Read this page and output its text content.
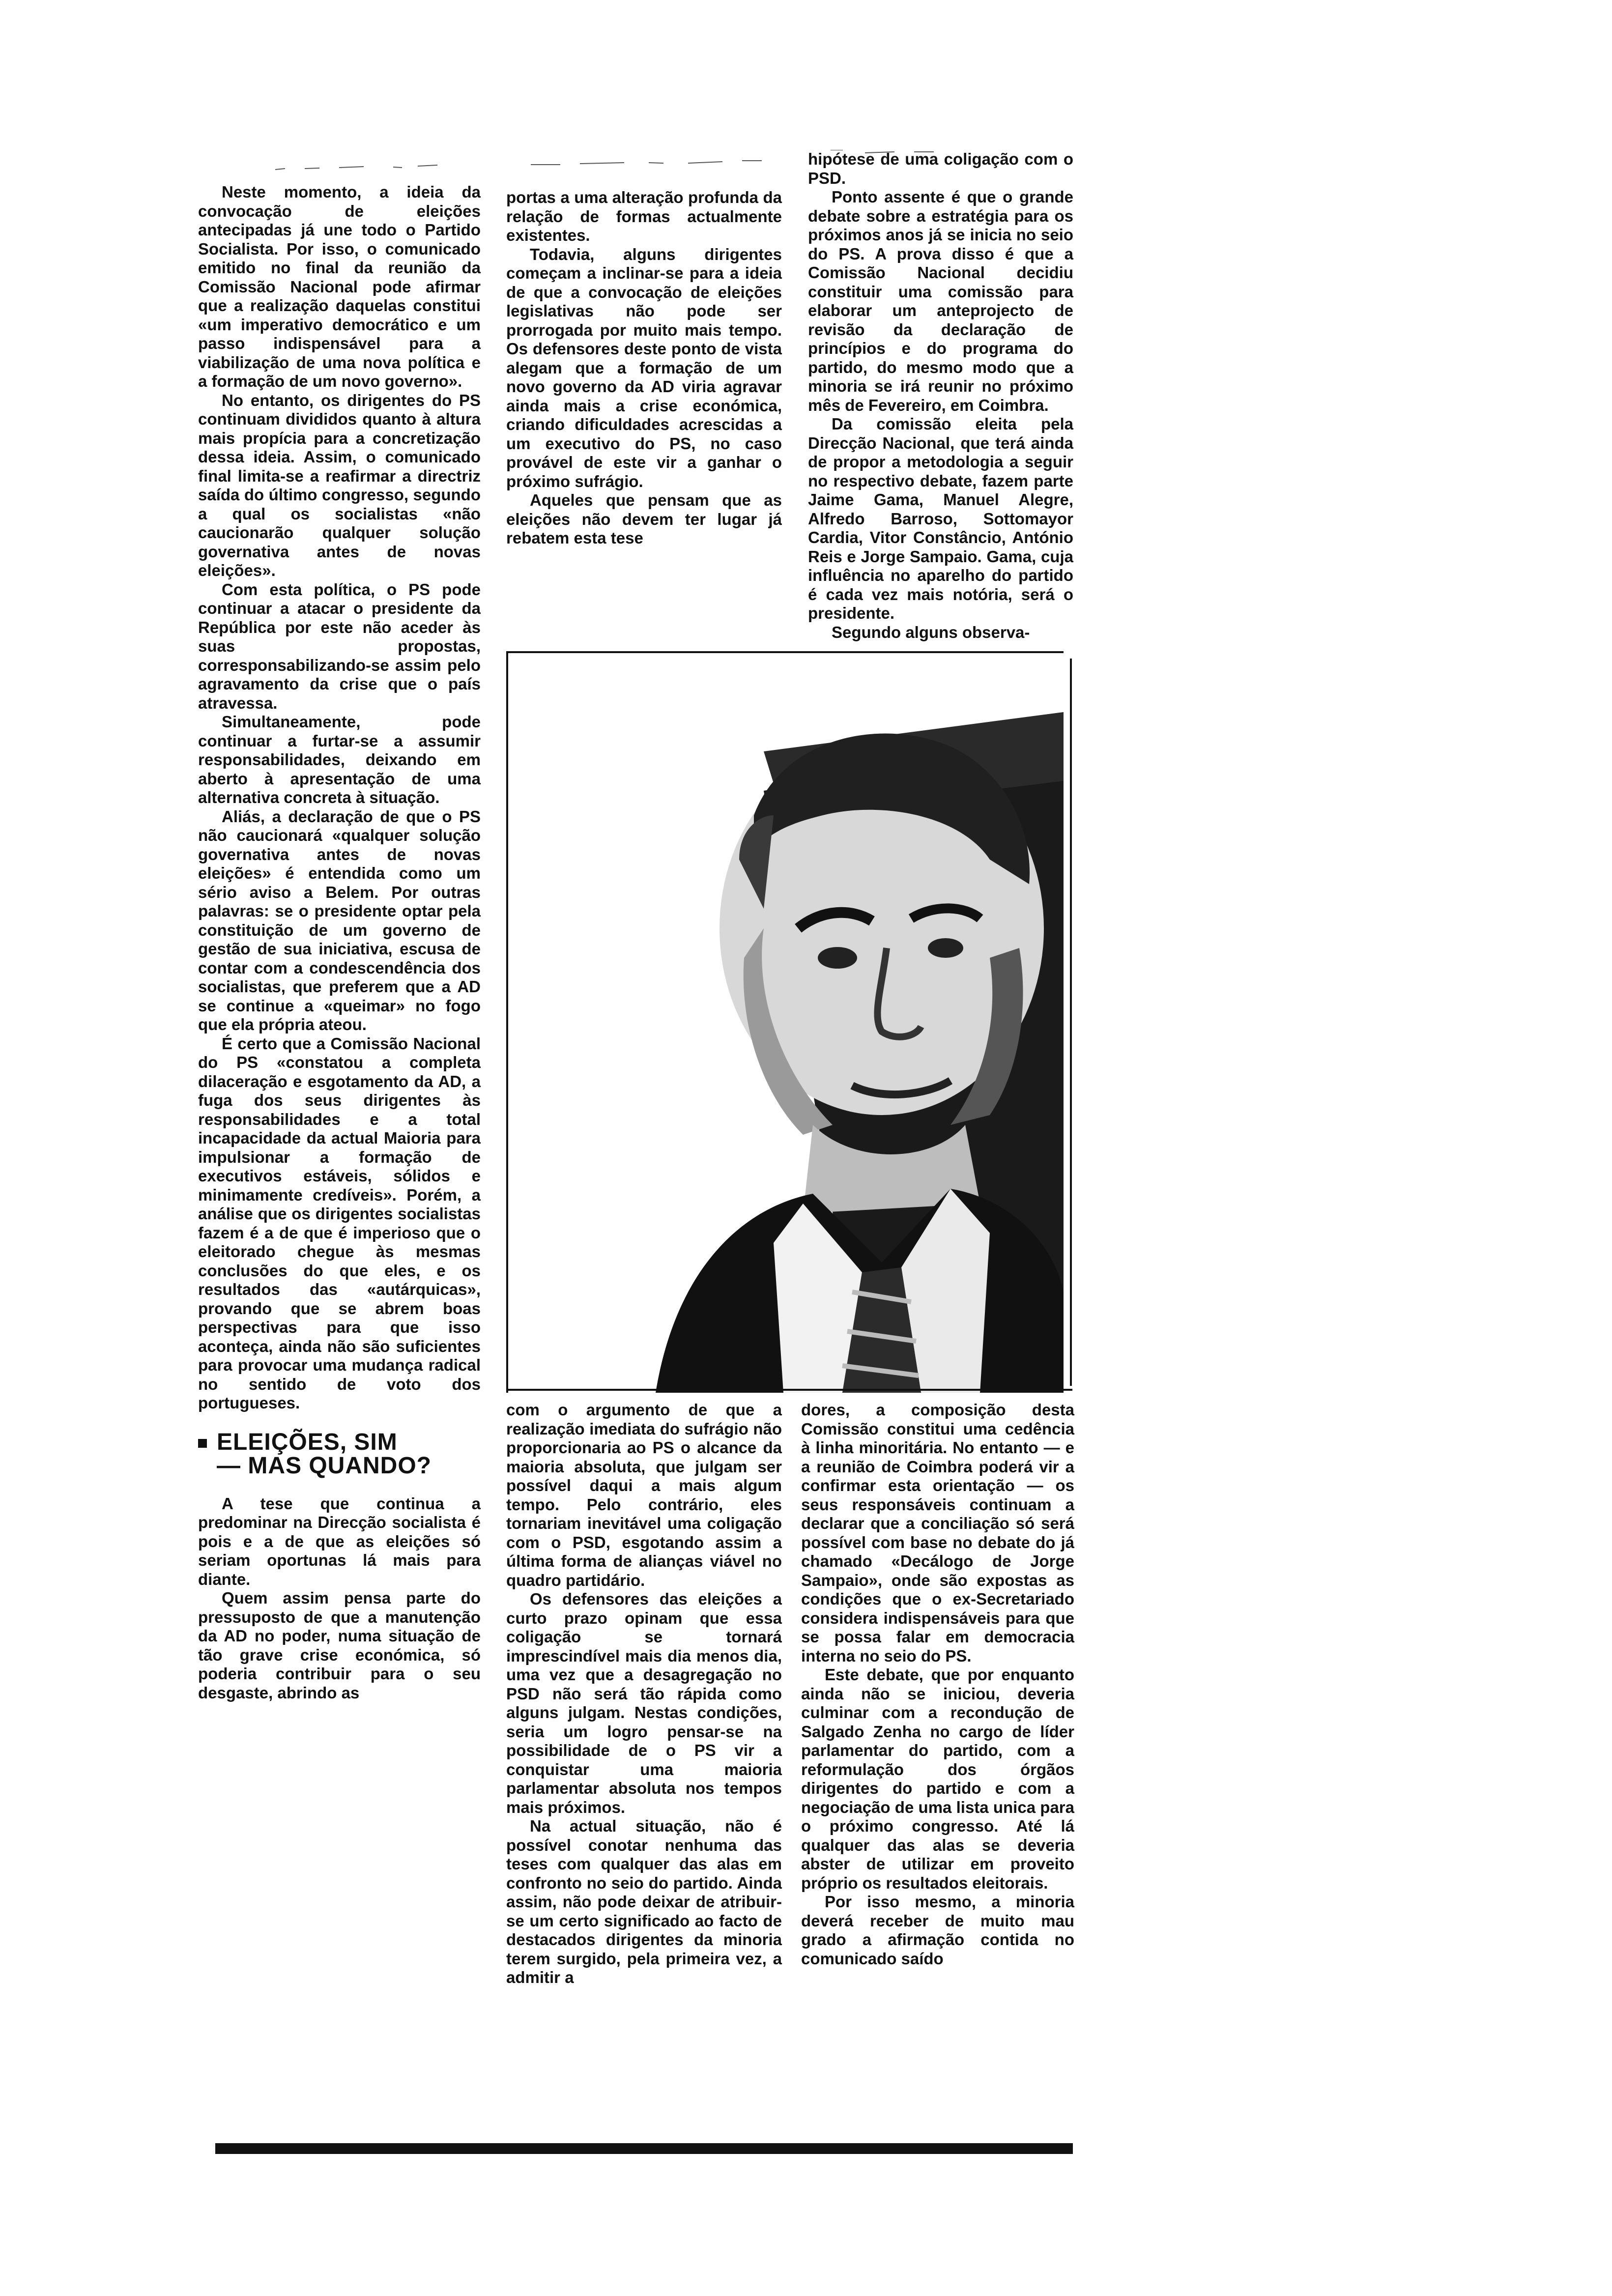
Neste momento, a ideia da convocação de eleições antecipadas já une todo o Partido Socialista. Por isso, o comunicado emitido no final da reunião da Comissão Nacional pode afirmar que a realização daquelas constitui «um imperativo democrático e um passo indispensável para a viabilização de uma nova política e a formação de um novo governo».

No entanto, os dirigentes do PS continuam divididos quanto à altura mais propícia para a concretização dessa ideia. Assim, o comunicado final limita-se a reafirmar a directriz saída do último congresso, segundo a qual os socialistas «não caucionarão qualquer solução governativa antes de novas eleições».

Com esta política, o PS pode continuar a atacar o presidente da República por este não aceder às suas propostas, corresponsabilizando-se assim pelo agravamento da crise que o país atravessa.

Simultaneamente, pode continuar a furtar-se a assumir responsabilidades, deixando em aberto à apresentação de uma alternativa concreta à situação.

Aliás, a declaração de que o PS não caucionará «qualquer solução governativa antes de novas eleições» é entendida como um sério aviso a Belem. Por outras palavras: se o presidente optar pela constituição de um governo de gestão de sua iniciativa, escusa de contar com a condescendência dos socialistas, que preferem que a AD se continue a «queimar» no fogo que ela própria ateou.

É certo que a Comissão Nacional do PS «constatou a completa dilaceração e esgotamento da AD, a fuga dos seus dirigentes às responsabilidades e a total incapacidade da actual Maioria para impulsionar a formação de executivos estáveis, sólidos e minimamente credíveis». Porém, a análise que os dirigentes socialistas fazem é a de que é imperioso que o eleitorado chegue às mesmas conclusões do que eles, e os resultados das «autárquicas», provando que se abrem boas perspectivas para que isso aconteça, ainda não são suficientes para provocar uma mudança radical no sentido de voto dos portugueses.

ELEIÇÕES, SIM
— MAS QUANDO?

A tese que continua a predominar na Direcção socialista é pois e a de que as eleições só seriam oportunas lá mais para diante.

Quem assim pensa parte do pressuposto de que a manutenção da AD no poder, numa situação de tão grave crise económica, só poderia contribuir para o seu desgaste, abrindo as

portas a uma alteração profunda da relação de formas actualmente existentes.

Todavia, alguns dirigentes começam a inclinar-se para a ideia de que a convocação de eleições legislativas não pode ser prorrogada por muito mais tempo. Os defensores deste ponto de vista alegam que a formação de um novo governo da AD viria agravar ainda mais a crise económica, criando dificuldades acrescidas a um executivo do PS, no caso provável de este vir a ganhar o próximo sufrágio.

Aqueles que pensam que as eleições não devem ter lugar já rebatem esta tese

com o argumento de que a realização imediata do sufrágio não proporcionaria ao PS o alcance da maioria absoluta, que julgam ser possível daqui a mais algum tempo. Pelo contrário, eles tornariam inevitável uma coligação com o PSD, esgotando assim a última forma de alianças viável no quadro partidário.

Os defensores das eleições a curto prazo opinam que essa coligação se tornará imprescindível mais dia menos dia, uma vez que a desagregação no PSD não será tão rápida como alguns julgam. Nestas condições, seria um logro pensar-se na possibilidade de o PS vir a conquistar uma maioria parlamentar absoluta nos tempos mais próximos.

Na actual situação, não é possível conotar nenhuma das teses com qualquer das alas em confronto no seio do partido. Ainda assim, não pode deixar de atribuir-se um certo significado ao facto de destacados dirigentes da minoria terem surgido, pela primeira vez, a admitir a

hipótese de uma coligação com o PSD.

Ponto assente é que o grande debate sobre a estratégia para os próximos anos já se inicia no seio do PS. A prova disso é que a Comissão Nacional decidiu constituir uma comissão para elaborar um anteprojecto de revisão da declaração de princípios e do programa do partido, do mesmo modo que a minoria se irá reunir no próximo mês de Fevereiro, em Coimbra.

Da comissão eleita pela Direcção Nacional, que terá ainda de propor a metodologia a seguir no respectivo debate, fazem parte Jaime Gama, Manuel Alegre, Alfredo Barroso, Sottomayor Cardia, Vitor Constâncio, António Reis e Jorge Sampaio. Gama, cuja influência no aparelho do partido é cada vez mais notória, será o presidente.

Segundo alguns observa-

dores, a composição desta Comissão constitui uma cedência à linha minoritária. No entanto — e a reunião de Coimbra poderá vir a confirmar esta orientação — os seus responsáveis continuam a declarar que a conciliação só será possível com base no debate do já chamado «Decálogo de Jorge Sampaio», onde são expostas as condições que o ex-Secretariado considera indispensáveis para que se possa falar em democracia interna no seio do PS.

Este debate, que por enquanto ainda não se iniciou, deveria culminar com a recondução de Salgado Zenha no cargo de líder parlamentar do partido, com a reformulação dos órgãos dirigentes do partido e com a negociação de uma lista unica para o próximo congresso. Até lá qualquer das alas se deveria abster de utilizar em proveito próprio os resultados eleitorais.

Por isso mesmo, a minoria deverá receber de muito mau grado a afirmação contida no comunicado saído
